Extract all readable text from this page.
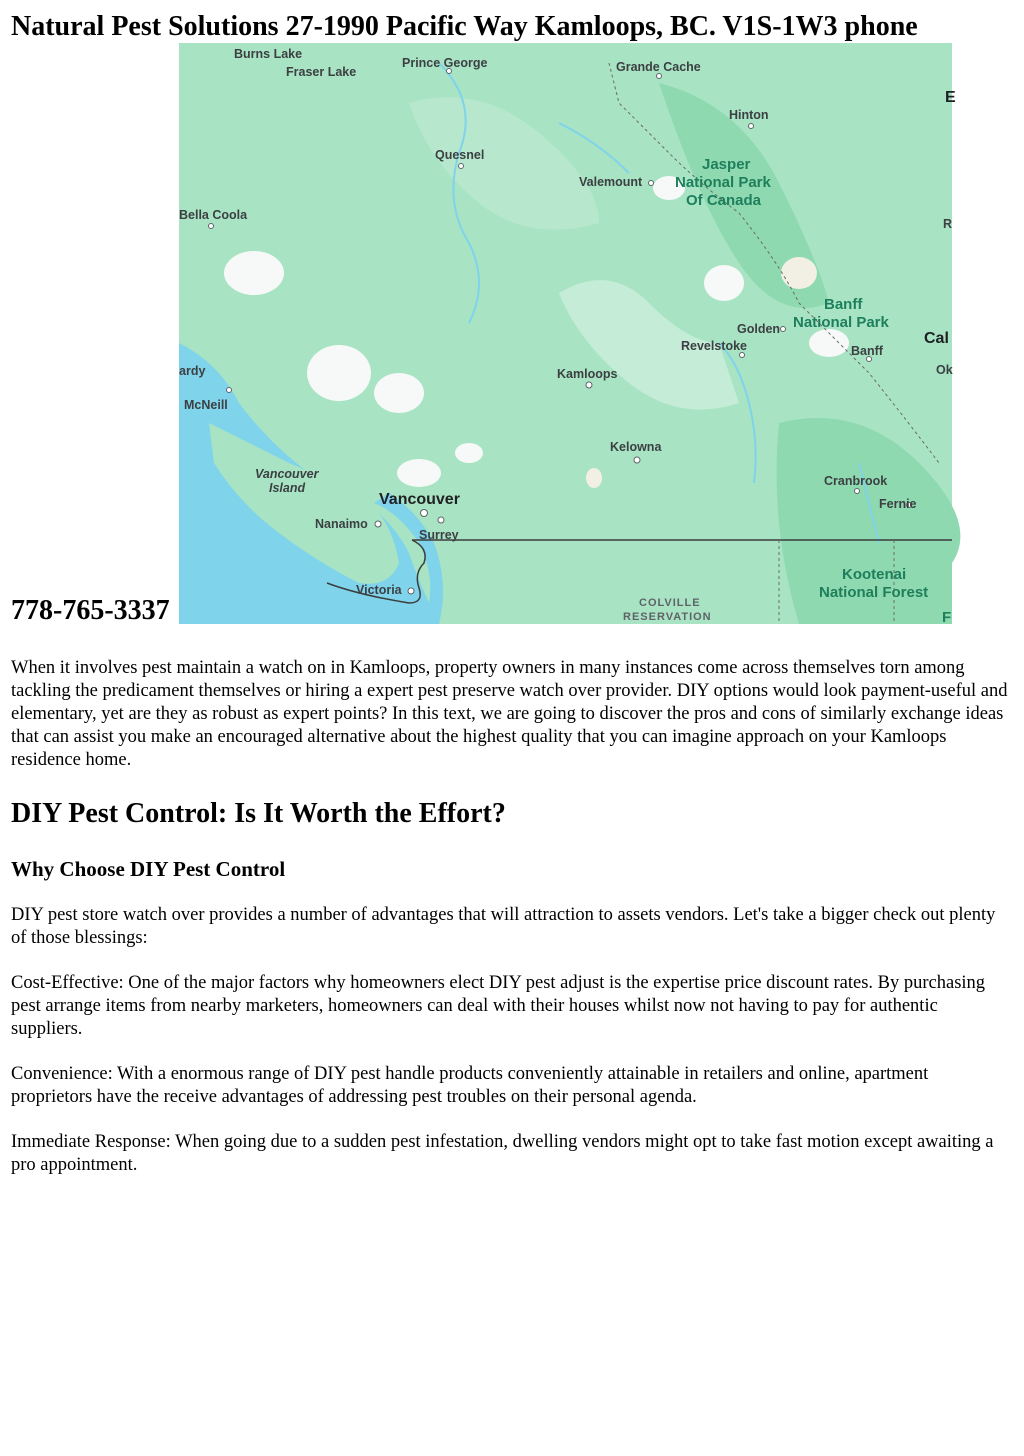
Natural Pest Solutions 27-1990 Pacific Way Kamloops, BC. V1S-1W3 phone
778-765-3337
Burns Lake
Fraser Lake
Prince George	Grande Cache
Hinton
Quesnel
Valemount
Jasper
National Park
Of Canada
Bella Coola
Banff
National Park
Golden
Revelstoke	Banff
Cal
Ok
ardy
McNeill
Kamloops
Kelowna
Vancouver
Island
Vancouver
Nanaimo
Surrey
Cranbrook
Fernie
Victoria
COLVILLE
RESERVATION
Kootenai
National Forest
E
R
F

When it involves pest maintain a watch on in Kamloops, property owners in many instances come across themselves torn among tackling the predicament themselves or hiring a expert pest preserve watch over provider. DIY options would look payment-useful and elementary, yet are they as robust as expert points? In this text, we are going to discover the pros and cons of similarly exchange ideas that can assist you make an encouraged alternative about the highest quality that you can imagine approach on your Kamloops residence home.

DIY Pest Control: Is It Worth the Effort?
Why Choose DIY Pest Control

DIY pest store watch over provides a number of advantages that will attraction to assets vendors. Let's take a bigger check out plenty of those blessings:

Cost-Effective: One of the major factors why homeowners elect DIY pest adjust is the expertise price discount rates. By purchasing pest arrange items from nearby marketers, homeowners can deal with their houses whilst now not having to pay for authentic suppliers.

Convenience: With a enormous range of DIY pest handle products conveniently attainable in retailers and online, apartment proprietors have the receive advantages of addressing pest troubles on their personal agenda.

Immediate Response: When going due to a sudden pest infestation, dwelling vendors might opt to take fast motion except awaiting a pro appointment.
